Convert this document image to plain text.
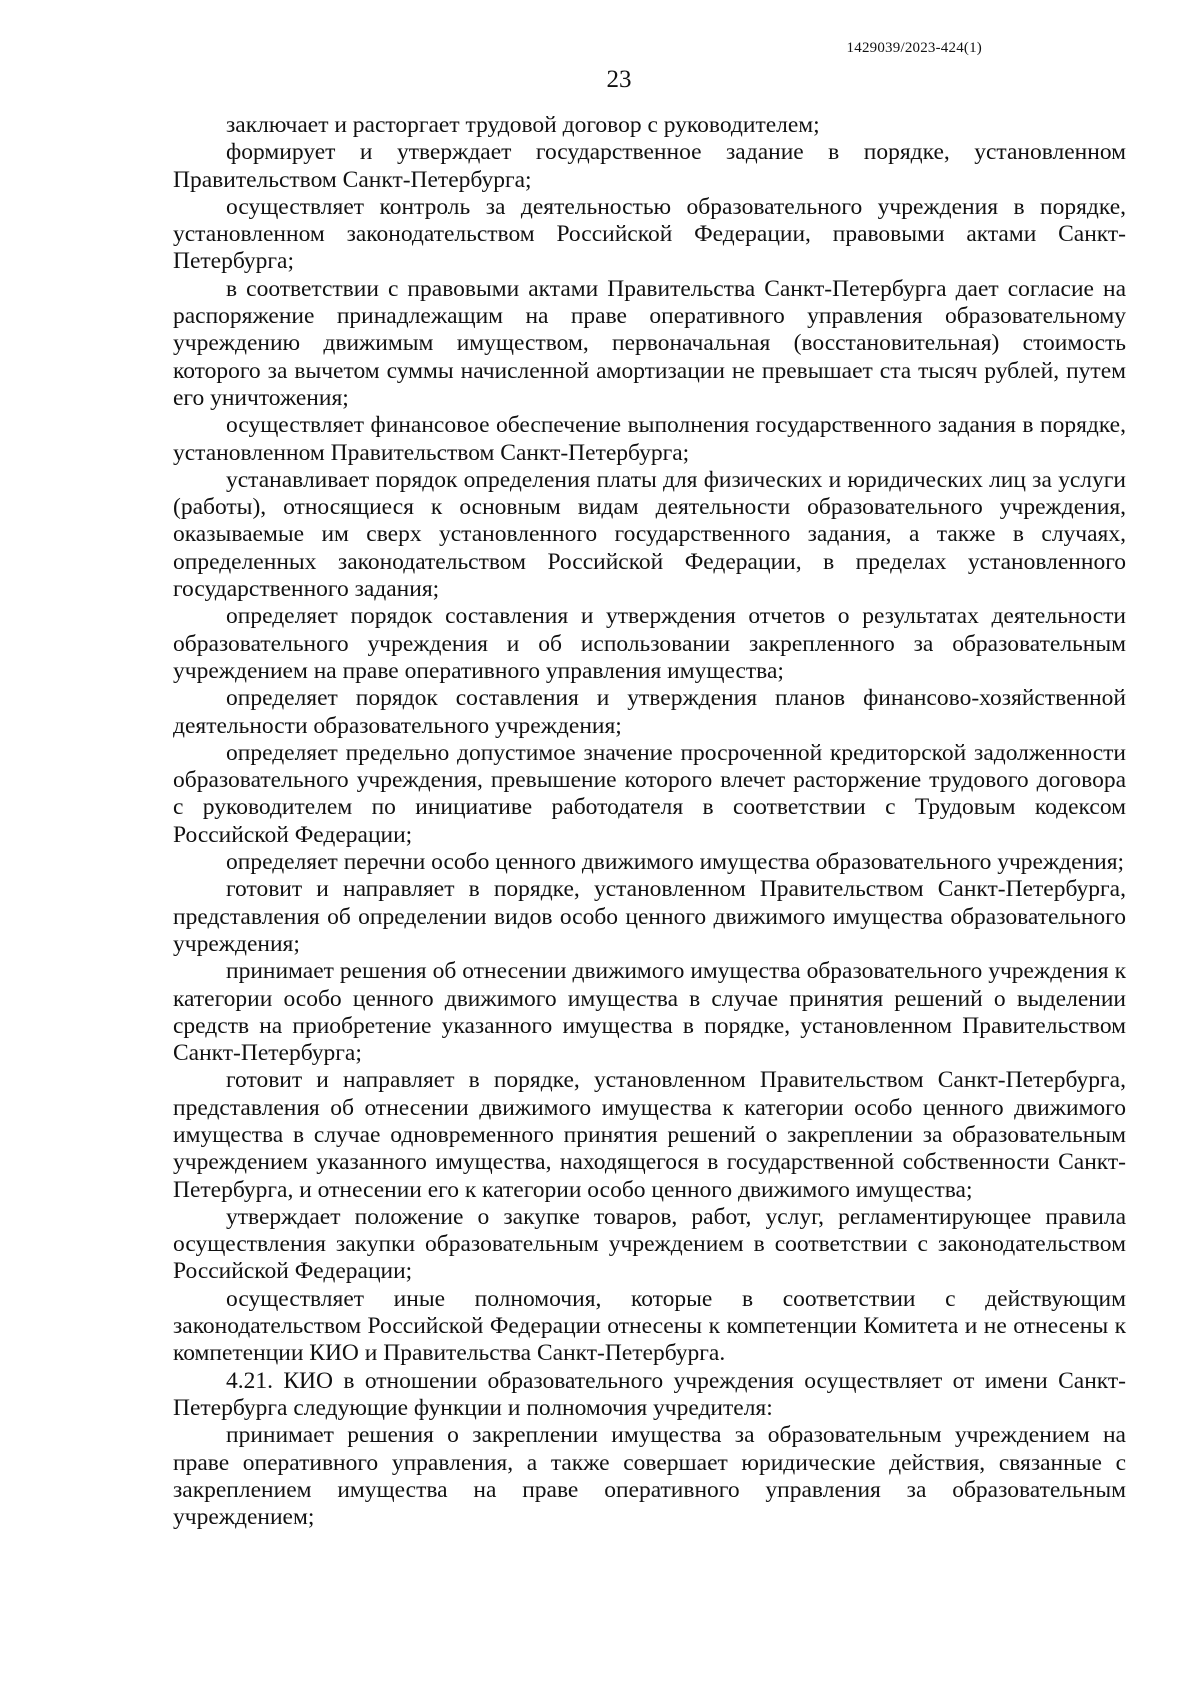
1429039/2023-424(1)
23

заключает и расторгает трудовой договор с руководителем;

формирует и утверждает государственное задание в порядке, установленном Правительством Санкт-Петербурга;

осуществляет контроль за деятельностью образовательного учреждения в порядке, установленном законодательством Российской Федерации, правовыми актами Санкт-Петербурга;

в соответствии с правовыми актами Правительства Санкт-Петербурга дает согласие на распоряжение принадлежащим на праве оперативного управления образовательному учреждению движимым имуществом, первоначальная (восстановительная) стоимость которого за вычетом суммы начисленной амортизации не превышает ста тысяч рублей, путем его уничтожения;

осуществляет финансовое обеспечение выполнения государственного задания в порядке, установленном Правительством Санкт-Петербурга;

устанавливает порядок определения платы для физических и юридических лиц за услуги (работы), относящиеся к основным видам деятельности образовательного учреждения, оказываемые им сверх установленного государственного задания, а также в случаях, определенных законодательством Российской Федерации, в пределах установленного государственного задания;

определяет порядок составления и утверждения отчетов о результатах деятельности образовательного учреждения и об использовании закрепленного за образовательным учреждением на праве оперативного управления имущества;

определяет порядок составления и утверждения планов финансово-хозяйственной деятельности образовательного учреждения;

определяет предельно допустимое значение просроченной кредиторской задолженности образовательного учреждения, превышение которого влечет расторжение трудового договора с руководителем по инициативе работодателя в соответствии с Трудовым кодексом Российской Федерации;

определяет перечни особо ценного движимого имущества образовательного учреждения;

готовит и направляет в порядке, установленном Правительством Санкт-Петербурга, представления об определении видов особо ценного движимого имущества образовательного учреждения;

принимает решения об отнесении движимого имущества образовательного учреждения к категории особо ценного движимого имущества в случае принятия решений о выделении средств на приобретение указанного имущества в порядке, установленном Правительством Санкт-Петербурга;

готовит и направляет в порядке, установленном Правительством Санкт-Петербурга, представления об отнесении движимого имущества к категории особо ценного движимого имущества в случае одновременного принятия решений о закреплении за образовательным учреждением указанного имущества, находящегося в государственной собственности Санкт-Петербурга, и отнесении его к категории особо ценного движимого имущества;

утверждает положение о закупке товаров, работ, услуг, регламентирующее правила осуществления закупки образовательным учреждением в соответствии с законодательством Российской Федерации;

осуществляет иные полномочия, которые в соответствии с действующим законодательством Российской Федерации отнесены к компетенции Комитета и не отнесены к компетенции КИО и Правительства Санкт-Петербурга.

4.21. КИО в отношении образовательного учреждения осуществляет от имени Санкт-Петербурга следующие функции и полномочия учредителя:

принимает решения о закреплении имущества за образовательным учреждением на праве оперативного управления, а также совершает юридические действия, связанные с закреплением имущества на праве оперативного управления за образовательным учреждением;
